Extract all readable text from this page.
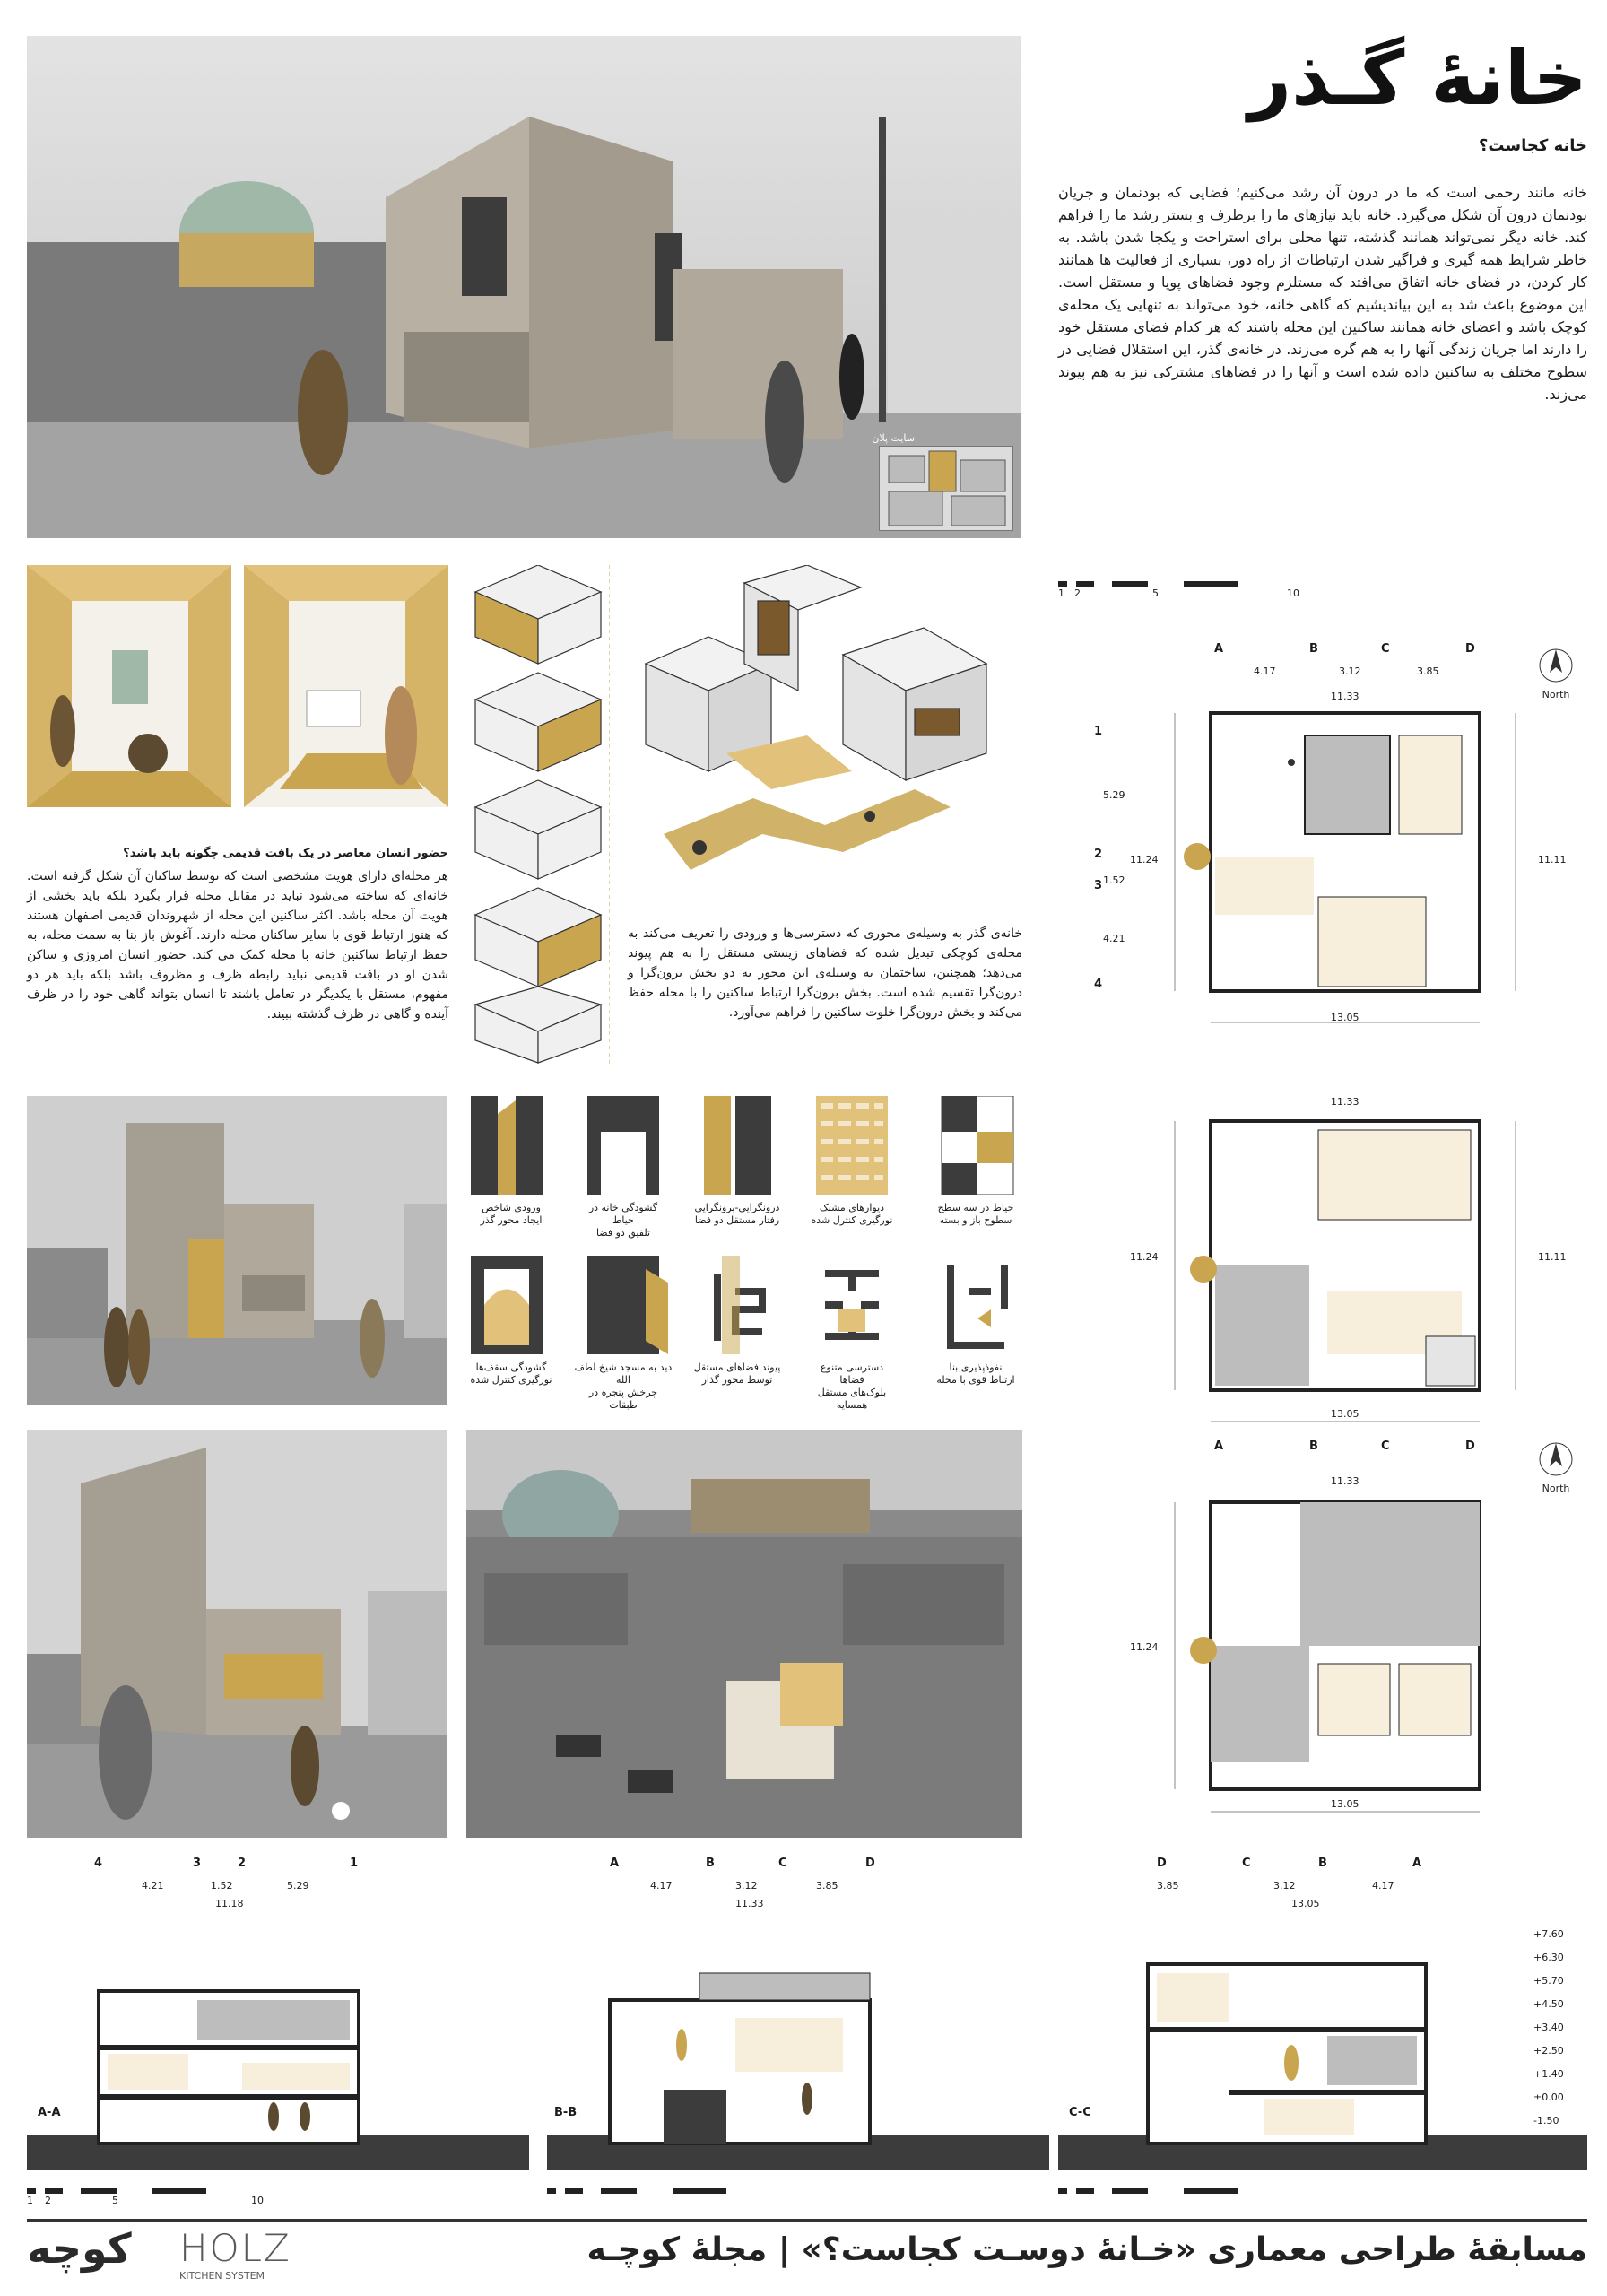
سایت پلان
خانهٔ گـذر
خانه کجاست؟
خانه مانند رحمی است که ما در درون آن رشد می‌کنیم؛ فضایی که بودنمان و جریان بودنمان درون آن شکل می‌گیرد. خانه باید نیازهای ما را برطرف و بستر رشد ما را فراهم کند. خانه دیگر نمی‌تواند همانند گذشته، تنها محلی برای استراحت و یکجا شدن باشد. به خاطر شرایط همه گیری و فراگیر شدن ارتباطات از راه دور، بسیاری از فعالیت ها همانند کار کردن، در فضای خانه اتفاق می‌افتد که مستلزم وجود فضاهای پویا و مستقل است. این موضوع باعث شد به این بیاندیشیم که گاهی خانه، خود می‌تواند به تنهایی یک محله‌ی کوچک باشد و اعضای خانه همانند ساکنین این محله باشند که هر کدام فضای مستقل خود را دارند اما جریان زندگی آنها را به هم گره می‌زند. در خانه‌ی گذر، این استقلال فضایی در سطوح مختلف به ساکنین داده شده است و آنها را در فضاهای مشترکی نیز به هم پیوند می‌زند.
حضور انسان معاصر در یک بافت قدیمی چگونه باید باشد؟
هر محله‌ای دارای هویت مشخصی است که توسط ساکنان آن شکل گرفته است. خانه‌ای که ساخته می‌شود نباید در مقابل محله قرار بگیرد بلکه باید بخشی از هویت آن محله باشد. اکثر ساکنین این محله از شهروندان قدیمی اصفهان هستند که هنوز ارتباط قوی با سایر ساکنان محله دارند. آغوش باز بنا به سمت محله، به حفظ ارتباط ساکنین خانه با محله کمک می کند. حضور انسان امروزی و ساکن شدن او در بافت قدیمی نباید رابطه ظرف و مظروف باشد بلکه باید هر دو مفهوم، مستقل با یکدیگر در تعامل باشند تا انسان بتواند گاهی خود را در ظرف آینده و گاهی در ظرف گذشته ببیند.
خانه‌ی گذر به وسیله‌ی محوری که دسترسی‌ها و ورودی را تعریف می‌کند به محله‌ی کوچکی تبدیل شده که فضاهای زیستی مستقل را به هم پیوند می‌دهد؛ همچنین، ساختمان به وسیله‌ی این محور به دو بخش برون‌گرا و درون‌گرا تقسیم شده است. بخش برون‌گرا ارتباط ساکنین را با محله حفظ می‌کند و بخش درون‌گرا خلوت ساکنین را فراهم می‌آورد.
ورودی شاخص
ایجاد محور گذر
گشودگی خانه در حیاط
تلفیق دو فضا
درونگرایی-برونگرایی
رفتار مستقل دو فضا
دیوارهای مشبک
نورگیری کنترل شده
حیاط در سه سطح
سطوح باز و بسته
گشودگی سقف‌ها
نورگیری کنترل شده
دید به مسجد شیخ لطف الله
چرخش پنجره در طبقات
پیوند فضاهای مستقل
توسط محور گذار
دسترسی متنوع فضاها
بلوک‌های مستقل همسایه
نفوذپذیری بنا
ارتباط قوی با محله
1 2	5	10
A	B	C	D
4.17	3.12	3.85
11.33
5.29
1.52
4.21
11.24	11.11
1
2
3
4
13.05
North
11.33
13.05
11.24	11.11
A	B	C	D
11.33
13.05
11.24
North
4	3	2	1
4.21	1.52	5.29
11.18
A-A
A	B	C	D
4.17	3.12	3.85
11.33
B-B
D	C	B	A
3.85	3.12	4.17
13.05
C-C
+7.60
+6.30
+5.70
+4.50
+3.40
+2.50
+1.40
±0.00
-1.50
1 2	5	10
کوچه HOLZ
KITCHEN SYSTEM
مسابقهٔ طراحی معماری «خـانهٔ دوسـت کجاست؟» | مجلهٔ کوچـه
